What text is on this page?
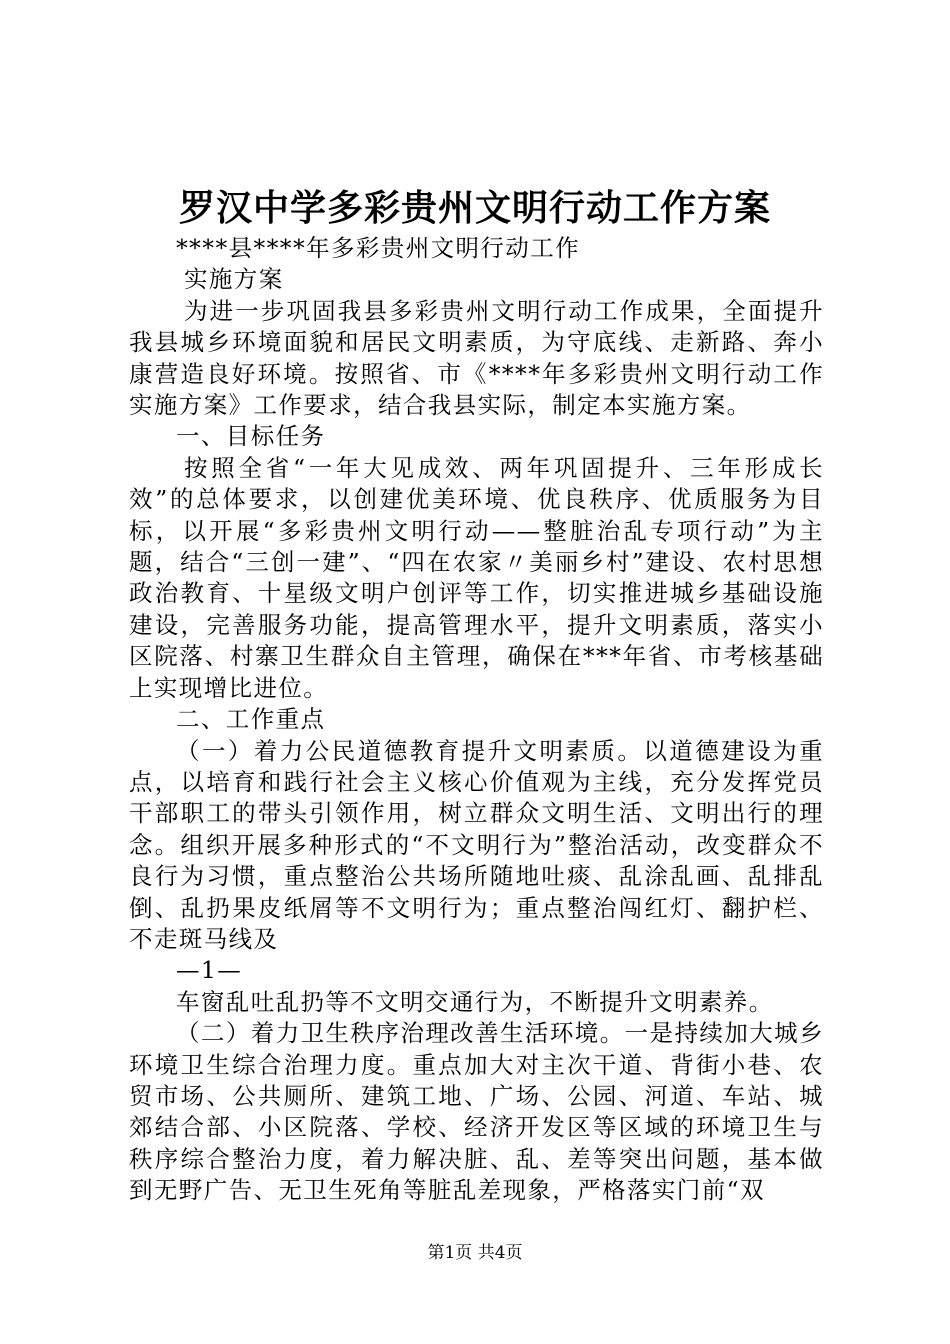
罗汉中学多彩贵州文明行动工作方案

****县****年多彩贵州文明行动工作

实施方案

为进一步巩固我县多彩贵州文明行动工作成果，全面提升我县城乡环境面貌和居民文明素质，为守底线、走新路、奔小康营造良好环境。按照省、市《****年多彩贵州文明行动工作实施方案》工作要求，结合我县实际，制定本实施方案。

一、目标任务

按照全省“一年大见成效、两年巩固提升、三年形成长效”的总体要求，以创建优美环境、优良秩序、优质服务为目标，以开展“多彩贵州文明行动——整脏治乱专项行动”为主题，结合“三创一建”、“四在农家〃美丽乡村”建设、农村思想政治教育、十星级文明户创评等工作，切实推进城乡基础设施建设，完善服务功能，提高管理水平，提升文明素质，落实小区院落、村寨卫生群众自主管理，确保在***年省、市考核基础上实现增比进位。

二、工作重点

（一）着力公民道德教育提升文明素质。以道德建设为重点，以培育和践行社会主义核心价值观为主线，充分发挥党员干部职工的带头引领作用，树立群众文明生活、文明出行的理念。组织开展多种形式的“不文明行为”整治活动，改变群众不良行为习惯，重点整治公共场所随地吐痰、乱涂乱画、乱排乱倒、乱扔果皮纸屑等不文明行为；重点整治闯红灯、翻护栏、不走斑马线及

—1—

车窗乱吐乱扔等不文明交通行为，不断提升文明素养。

（二）着力卫生秩序治理改善生活环境。一是持续加大城乡环境卫生综合治理力度。重点加大对主次干道、背街小巷、农贸市场、公共厕所、建筑工地、广场、公园、河道、车站、城郊结合部、小区院落、学校、经济开发区等区域的环境卫生与秩序综合整治力度，着力解决脏、乱、差等突出问题，基本做到无野广告、无卫生死角等脏乱差现象，严格落实门前“双

第1页 共4页
